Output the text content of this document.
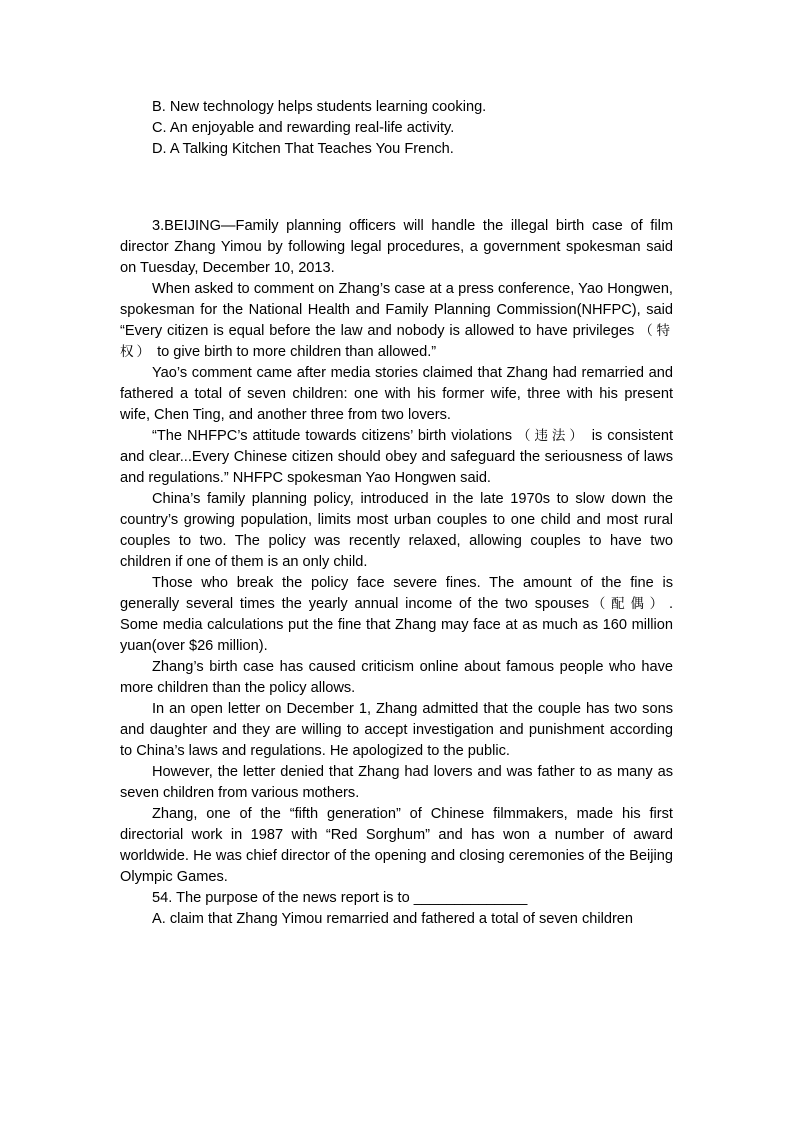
B. New technology helps students learning cooking.

C. An enjoyable and rewarding real-life activity.

D. A Talking Kitchen That Teaches You French.

3.BEIJING—Family planning officers will handle the illegal birth case of film director Zhang Yimou by following legal procedures, a government spokesman said on Tuesday, December 10, 2013.

When asked to comment on Zhang’s case at a press conference, Yao Hongwen, spokesman for the National Health and Family Planning Commission(NHFPC), said “Every citizen is equal before the law and nobody is allowed to have privileges （特权） to give birth to more children than allowed.”

Yao’s comment came after media stories claimed that Zhang had remarried and fathered a total of seven children: one with his former wife, three with his present wife, Chen Ting, and another three from two lovers.

“The NHFPC’s attitude towards citizens’ birth violations （违法） is consistent and clear...Every Chinese citizen should obey and safeguard the seriousness of laws and regulations.” NHFPC spokesman Yao Hongwen said.

China’s family planning policy, introduced in the late 1970s to slow down the country’s growing population, limits most urban couples to one child and most rural couples to two. The policy was recently relaxed, allowing couples to have two children if one of them is an only child.

Those who break the policy face severe fines. The amount of the fine is generally several times the yearly annual income of the two spouses（配偶）. Some media calculations put the fine that Zhang may face at as much as 160 million yuan(over $26 million).

Zhang’s birth case has caused criticism online about famous people who have more children than the policy allows.

In an open letter on December 1, Zhang admitted that the couple has two sons and daughter and they are willing to accept investigation and punishment according to China’s laws and regulations. He apologized to the public.

However, the letter denied that Zhang had lovers and was father to as many as seven children from various mothers.

Zhang, one of the “fifth generation” of Chinese filmmakers, made his first directorial work in 1987 with “Red Sorghum” and has won a number of award worldwide. He was chief director of the opening and closing ceremonies of the Beijing Olympic Games.

54. The purpose of the news report is to ______________

A. claim that Zhang Yimou remarried and fathered a total of seven children
